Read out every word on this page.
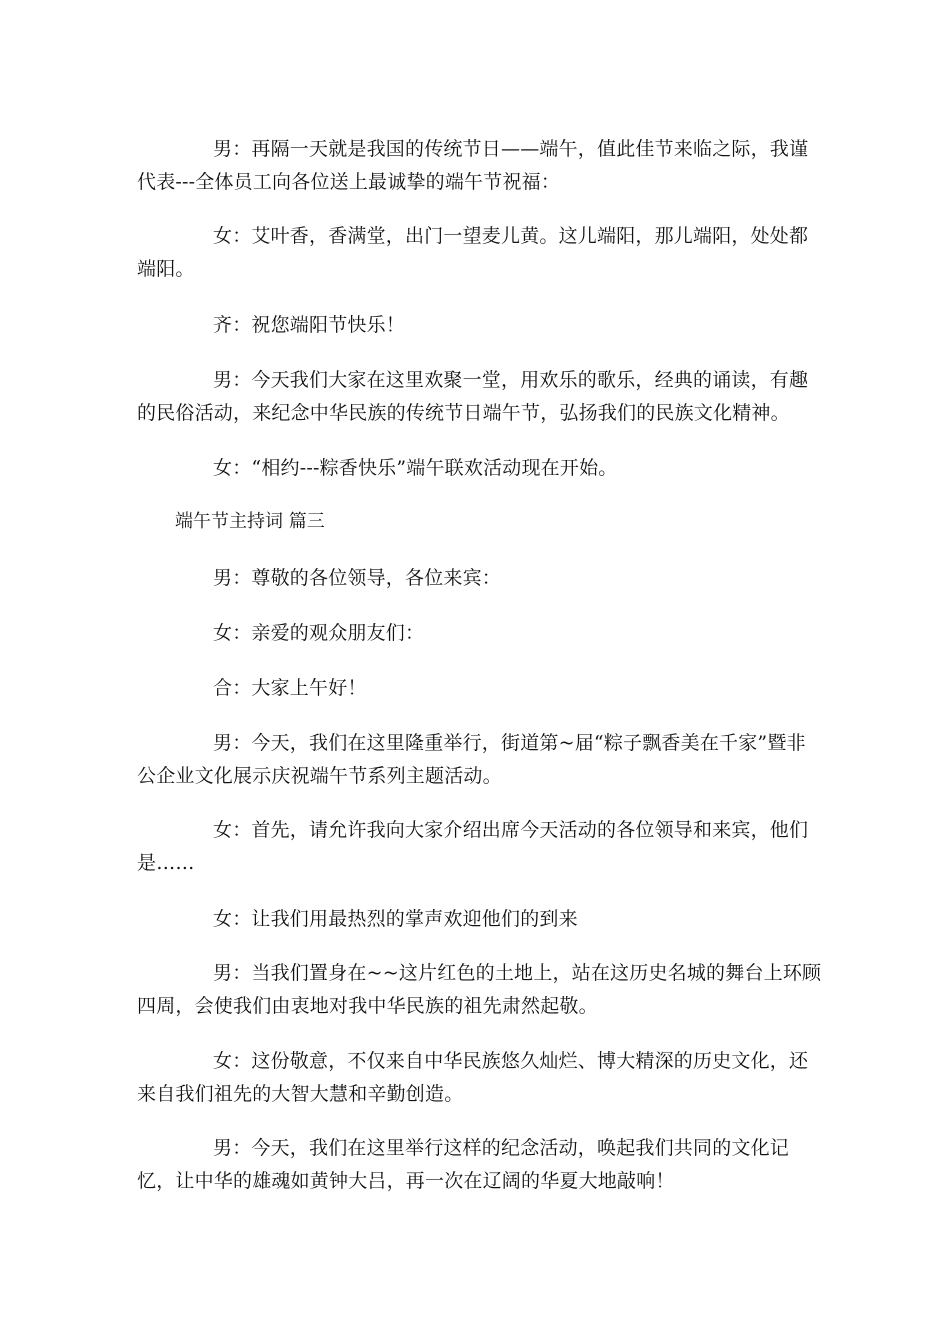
男：再隔一天就是我国的传统节日——端午，值此佳节来临之际，我谨代表---全体员工向各位送上最诚挚的端午节祝福：

女：艾叶香，香满堂，出门一望麦儿黄。这儿端阳，那儿端阳，处处都端阳。

齐：祝您端阳节快乐！

男：今天我们大家在这里欢聚一堂，用欢乐的歌乐，经典的诵读，有趣的民俗活动，来纪念中华民族的传统节日端午节，弘扬我们的民族文化精神。

女：“相约---粽香快乐”端午联欢活动现在开始。

端午节主持词 篇三

男：尊敬的各位领导，各位来宾：

女：亲爱的观众朋友们：

合：大家上午好！

男：今天，我们在这里隆重举行，街道第~届“粽子飘香美在千家”暨非公企业文化展示庆祝端午节系列主题活动。

女：首先，请允许我向大家介绍出席今天活动的各位领导和来宾，他们是……

女：让我们用最热烈的掌声欢迎他们的到来

男：当我们置身在~~这片红色的土地上，站在这历史名城的舞台上环顾四周，会使我们由衷地对我中华民族的祖先肃然起敬。

女：这份敬意，不仅来自中华民族悠久灿烂、博大精深的历史文化，还来自我们祖先的大智大慧和辛勤创造。

男：今天，我们在这里举行这样的纪念活动，唤起我们共同的文化记忆，让中华的雄魂如黄钟大吕，再一次在辽阔的华夏大地敲响！
